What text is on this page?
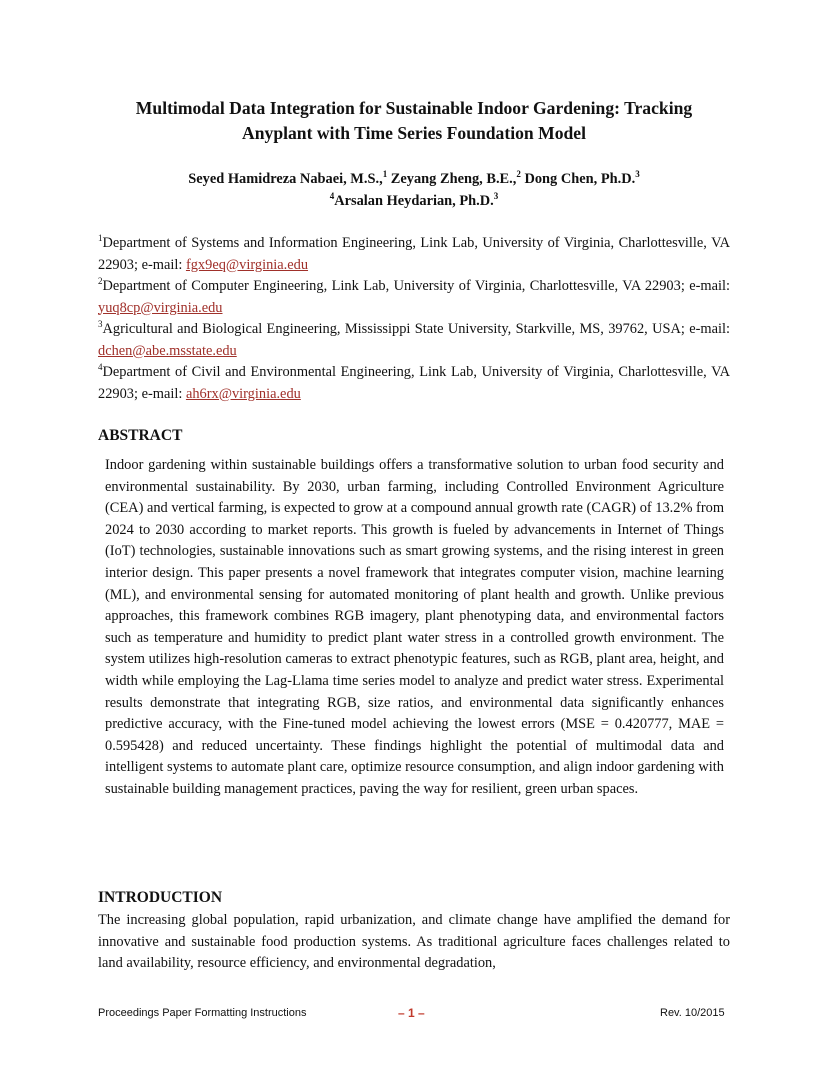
Multimodal Data Integration for Sustainable Indoor Gardening: Tracking
Anyplant with Time Series Foundation Model
Seyed Hamidreza Nabaei, M.S.,$^1$ Zeyang Zheng, B.E.,$^2$ Dong Chen, Ph.D.$^3$
$^4$Arsalan Heydarian, Ph.D.$^3$

$^1$Department of Systems and Information Engineering, Link Lab, University of Virginia, Charlottesville, VA 22903; e-mail: fgx9eq@virginia.edu

$^2$Department of Computer Engineering, Link Lab, University of Virginia, Charlottesville, VA 22903; e-mail: yuq8cp@virginia.edu

$^3$Agricultural and Biological Engineering, Mississippi State University, Starkville, MS, 39762, USA; e-mail: dchen@abe.msstate.edu

$^4$Department of Civil and Environmental Engineering, Link Lab, University of Virginia, Charlottesville, VA 22903; e-mail: ah6rx@virginia.edu

ABSTRACT

Indoor gardening within sustainable buildings offers a transformative solution to urban food security and environmental sustainability. By 2030, urban farming, including Controlled Environment Agriculture (CEA) and vertical farming, is expected to grow at a compound annual growth rate (CAGR) of 13.2% from 2024 to 2030 according to market reports. This growth is fueled by advancements in Internet of Things (IoT) technologies, sustainable innovations such as smart growing systems, and the rising interest in green interior design. This paper presents a novel framework that integrates computer vision, machine learning (ML), and environmental sensing for automated monitoring of plant health and growth. Unlike previous approaches, this framework combines RGB imagery, plant phenotyping data, and environmental factors such as temperature and humidity to predict plant water stress in a controlled growth environment. The system utilizes high-resolution cameras to extract phenotypic features, such as RGB, plant area, height, and width while employing the Lag-Llama time series model to analyze and predict water stress. Experimental results demonstrate that integrating RGB, size ratios, and environmental data significantly enhances predictive accuracy, with the Fine-tuned model achieving the lowest errors (MSE = 0.420777, MAE = 0.595428) and reduced uncertainty. These findings highlight the potential of multimodal data and intelligent systems to automate plant care, optimize resource consumption, and align indoor gardening with sustainable building management practices, paving the way for resilient, green urban spaces.

INTRODUCTION

The increasing global population, rapid urbanization, and climate change have amplified the demand for innovative and sustainable food production systems. As traditional agriculture faces challenges related to land availability, resource efficiency, and environmental degradation,

Proceedings Paper Formatting Instructions	– 1 –	Rev. 10/2015
